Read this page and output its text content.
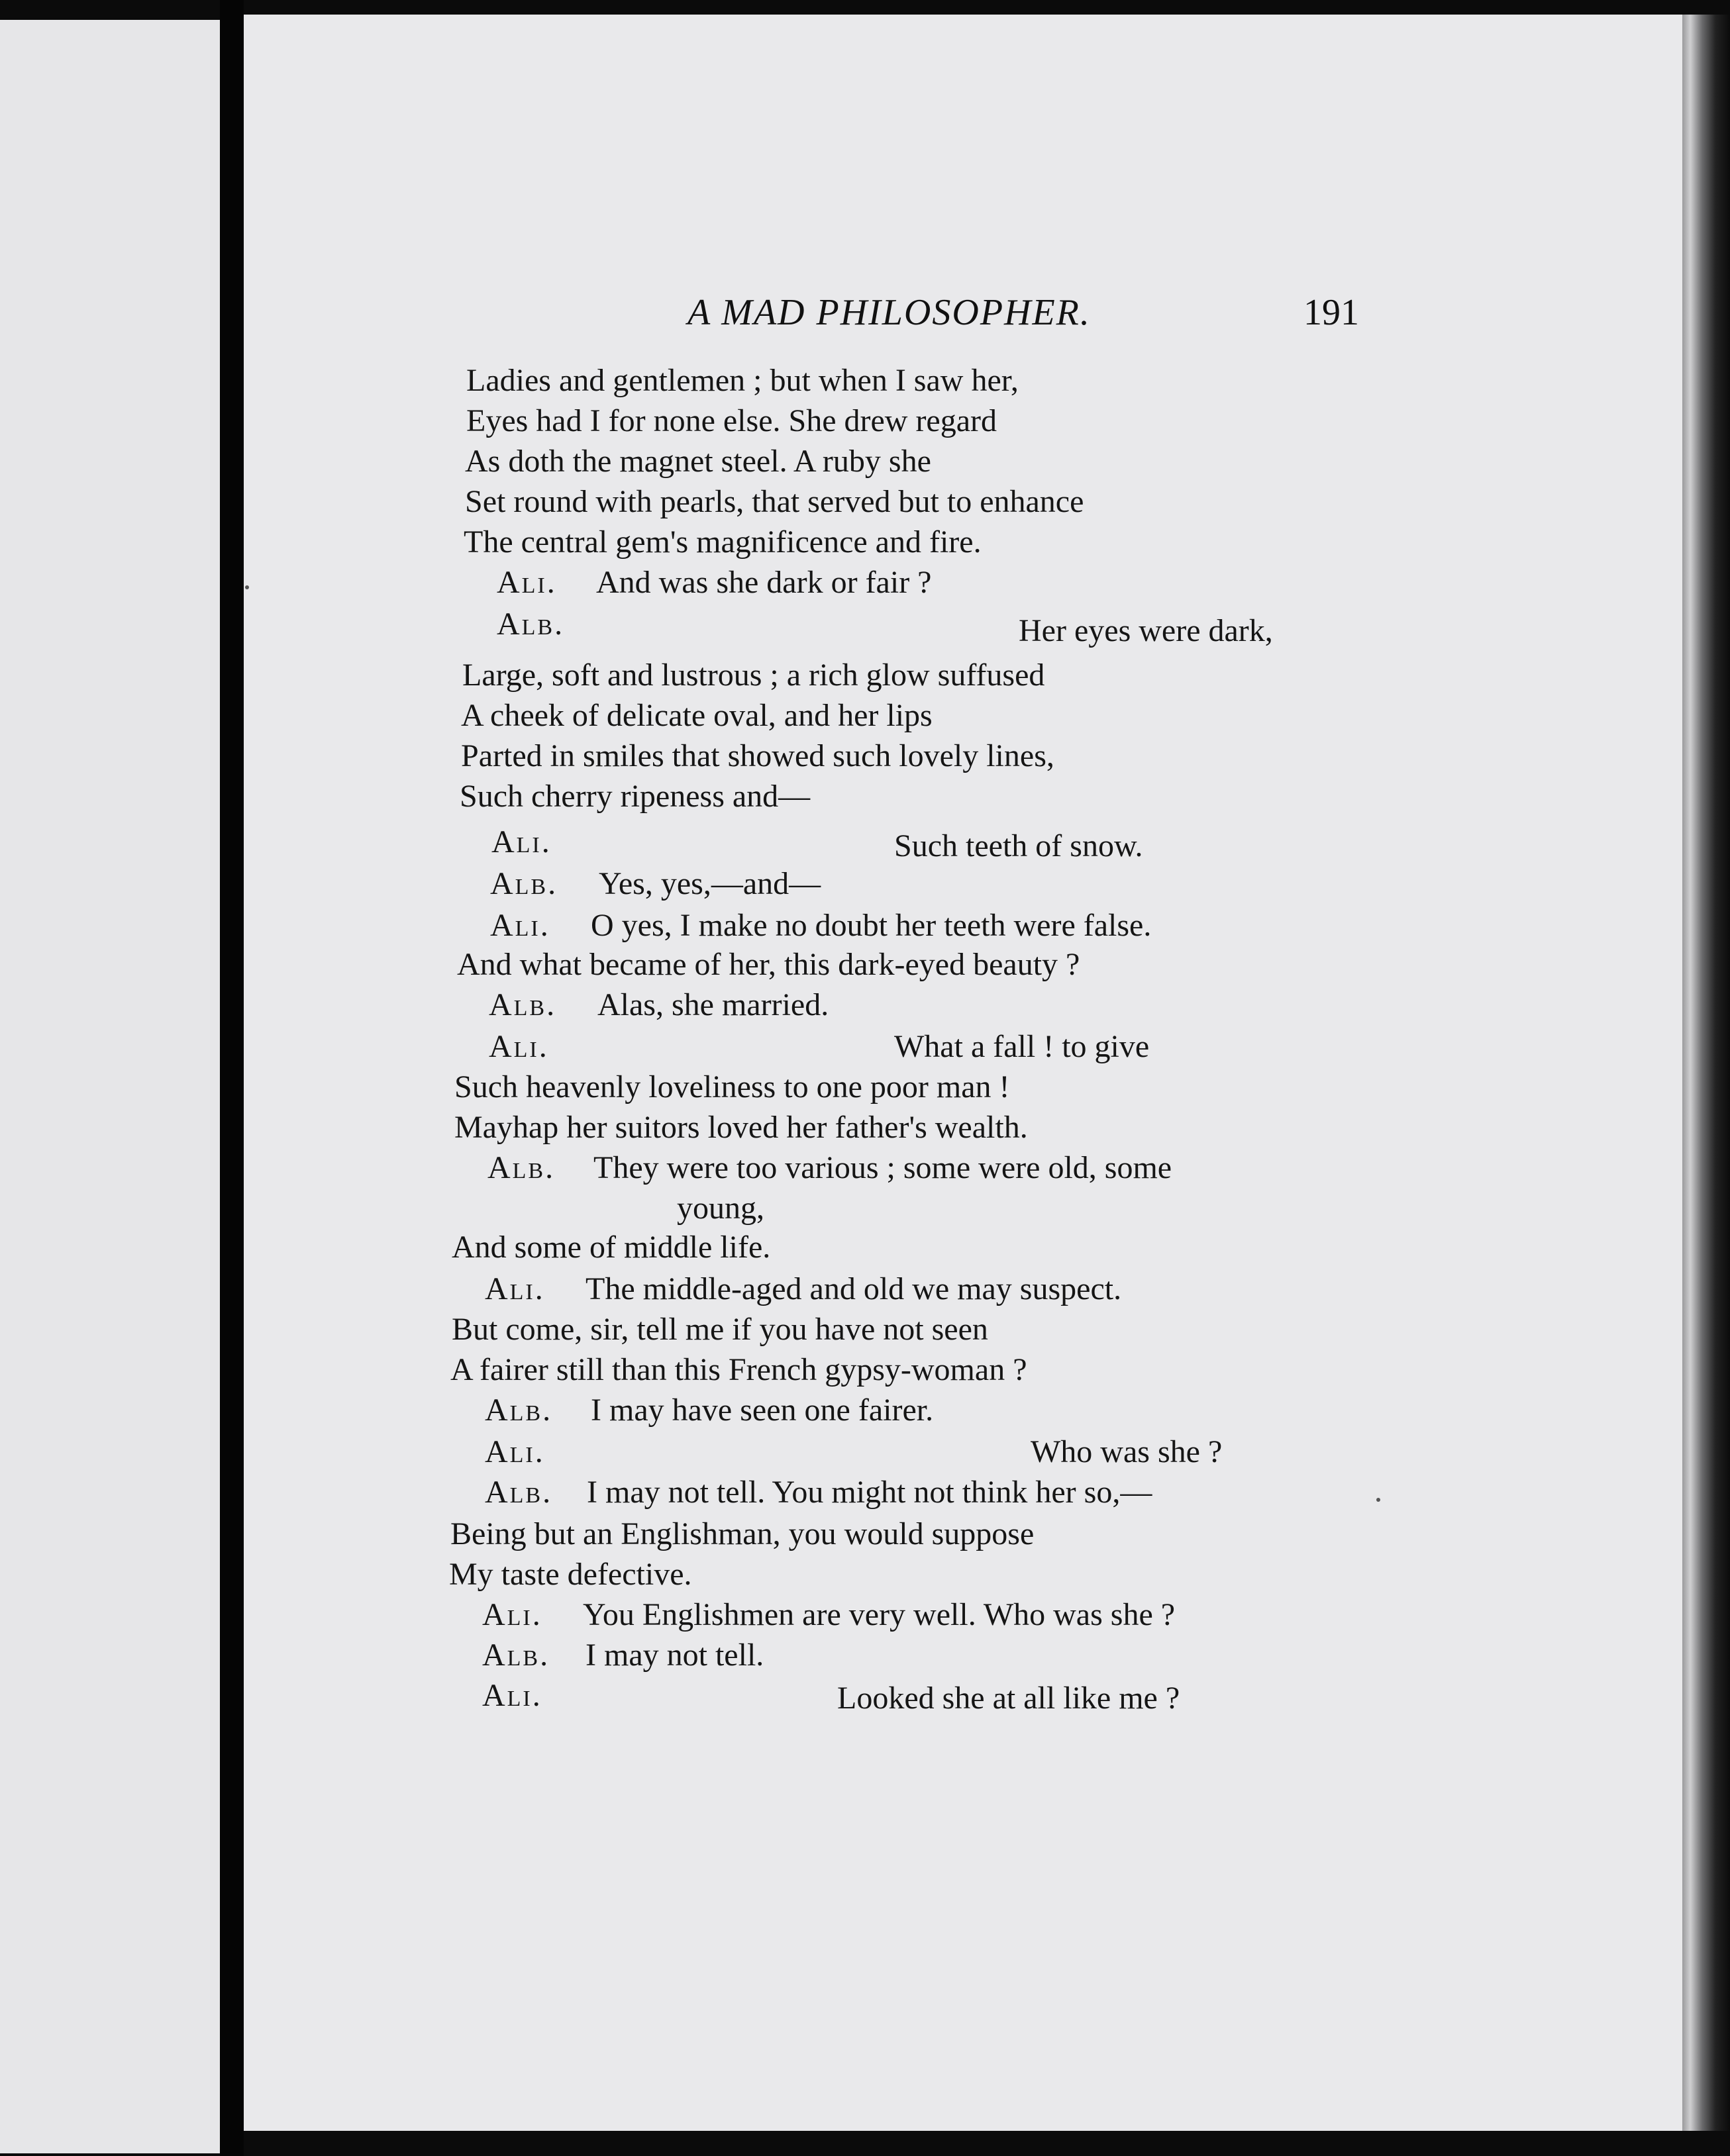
A MAD PHILOSOPHER.	191
Ladies and gentlemen ; but when I saw her,
Eyes had I for none else. She drew regard
As doth the magnet steel. A ruby she
Set round with pearls, that served but to enhance
The central gem's magnificence and fire.
Ali. And was she dark or fair ?
Alb.	Her eyes were dark,
Large, soft and lustrous ; a rich glow suffused
A cheek of delicate oval, and her lips
Parted in smiles that showed such lovely lines,
Such cherry ripeness and—
Ali.	Such teeth of snow.
Alb. Yes, yes,—and—
Ali. O yes, I make no doubt her teeth were false.
And what became of her, this dark-eyed beauty ?
Alb. Alas, she married.
Ali.	What a fall ! to give
Such heavenly loveliness to one poor man !
Mayhap her suitors loved her father's wealth.
Alb. They were too various ; some were old, some
young,
And some of middle life.
Ali. The middle-aged and old we may suspect.
But come, sir, tell me if you have not seen
A fairer still than this French gypsy-woman ?
Alb. I may have seen one fairer.
Ali.	Who was she ?
Alb. I may not tell. You might not think her so,—
Being but an Englishman, you would suppose
My taste defective.
Ali. You Englishmen are very well. Who was she ?
Alb. I may not tell.
Ali.	Looked she at all like me ?
